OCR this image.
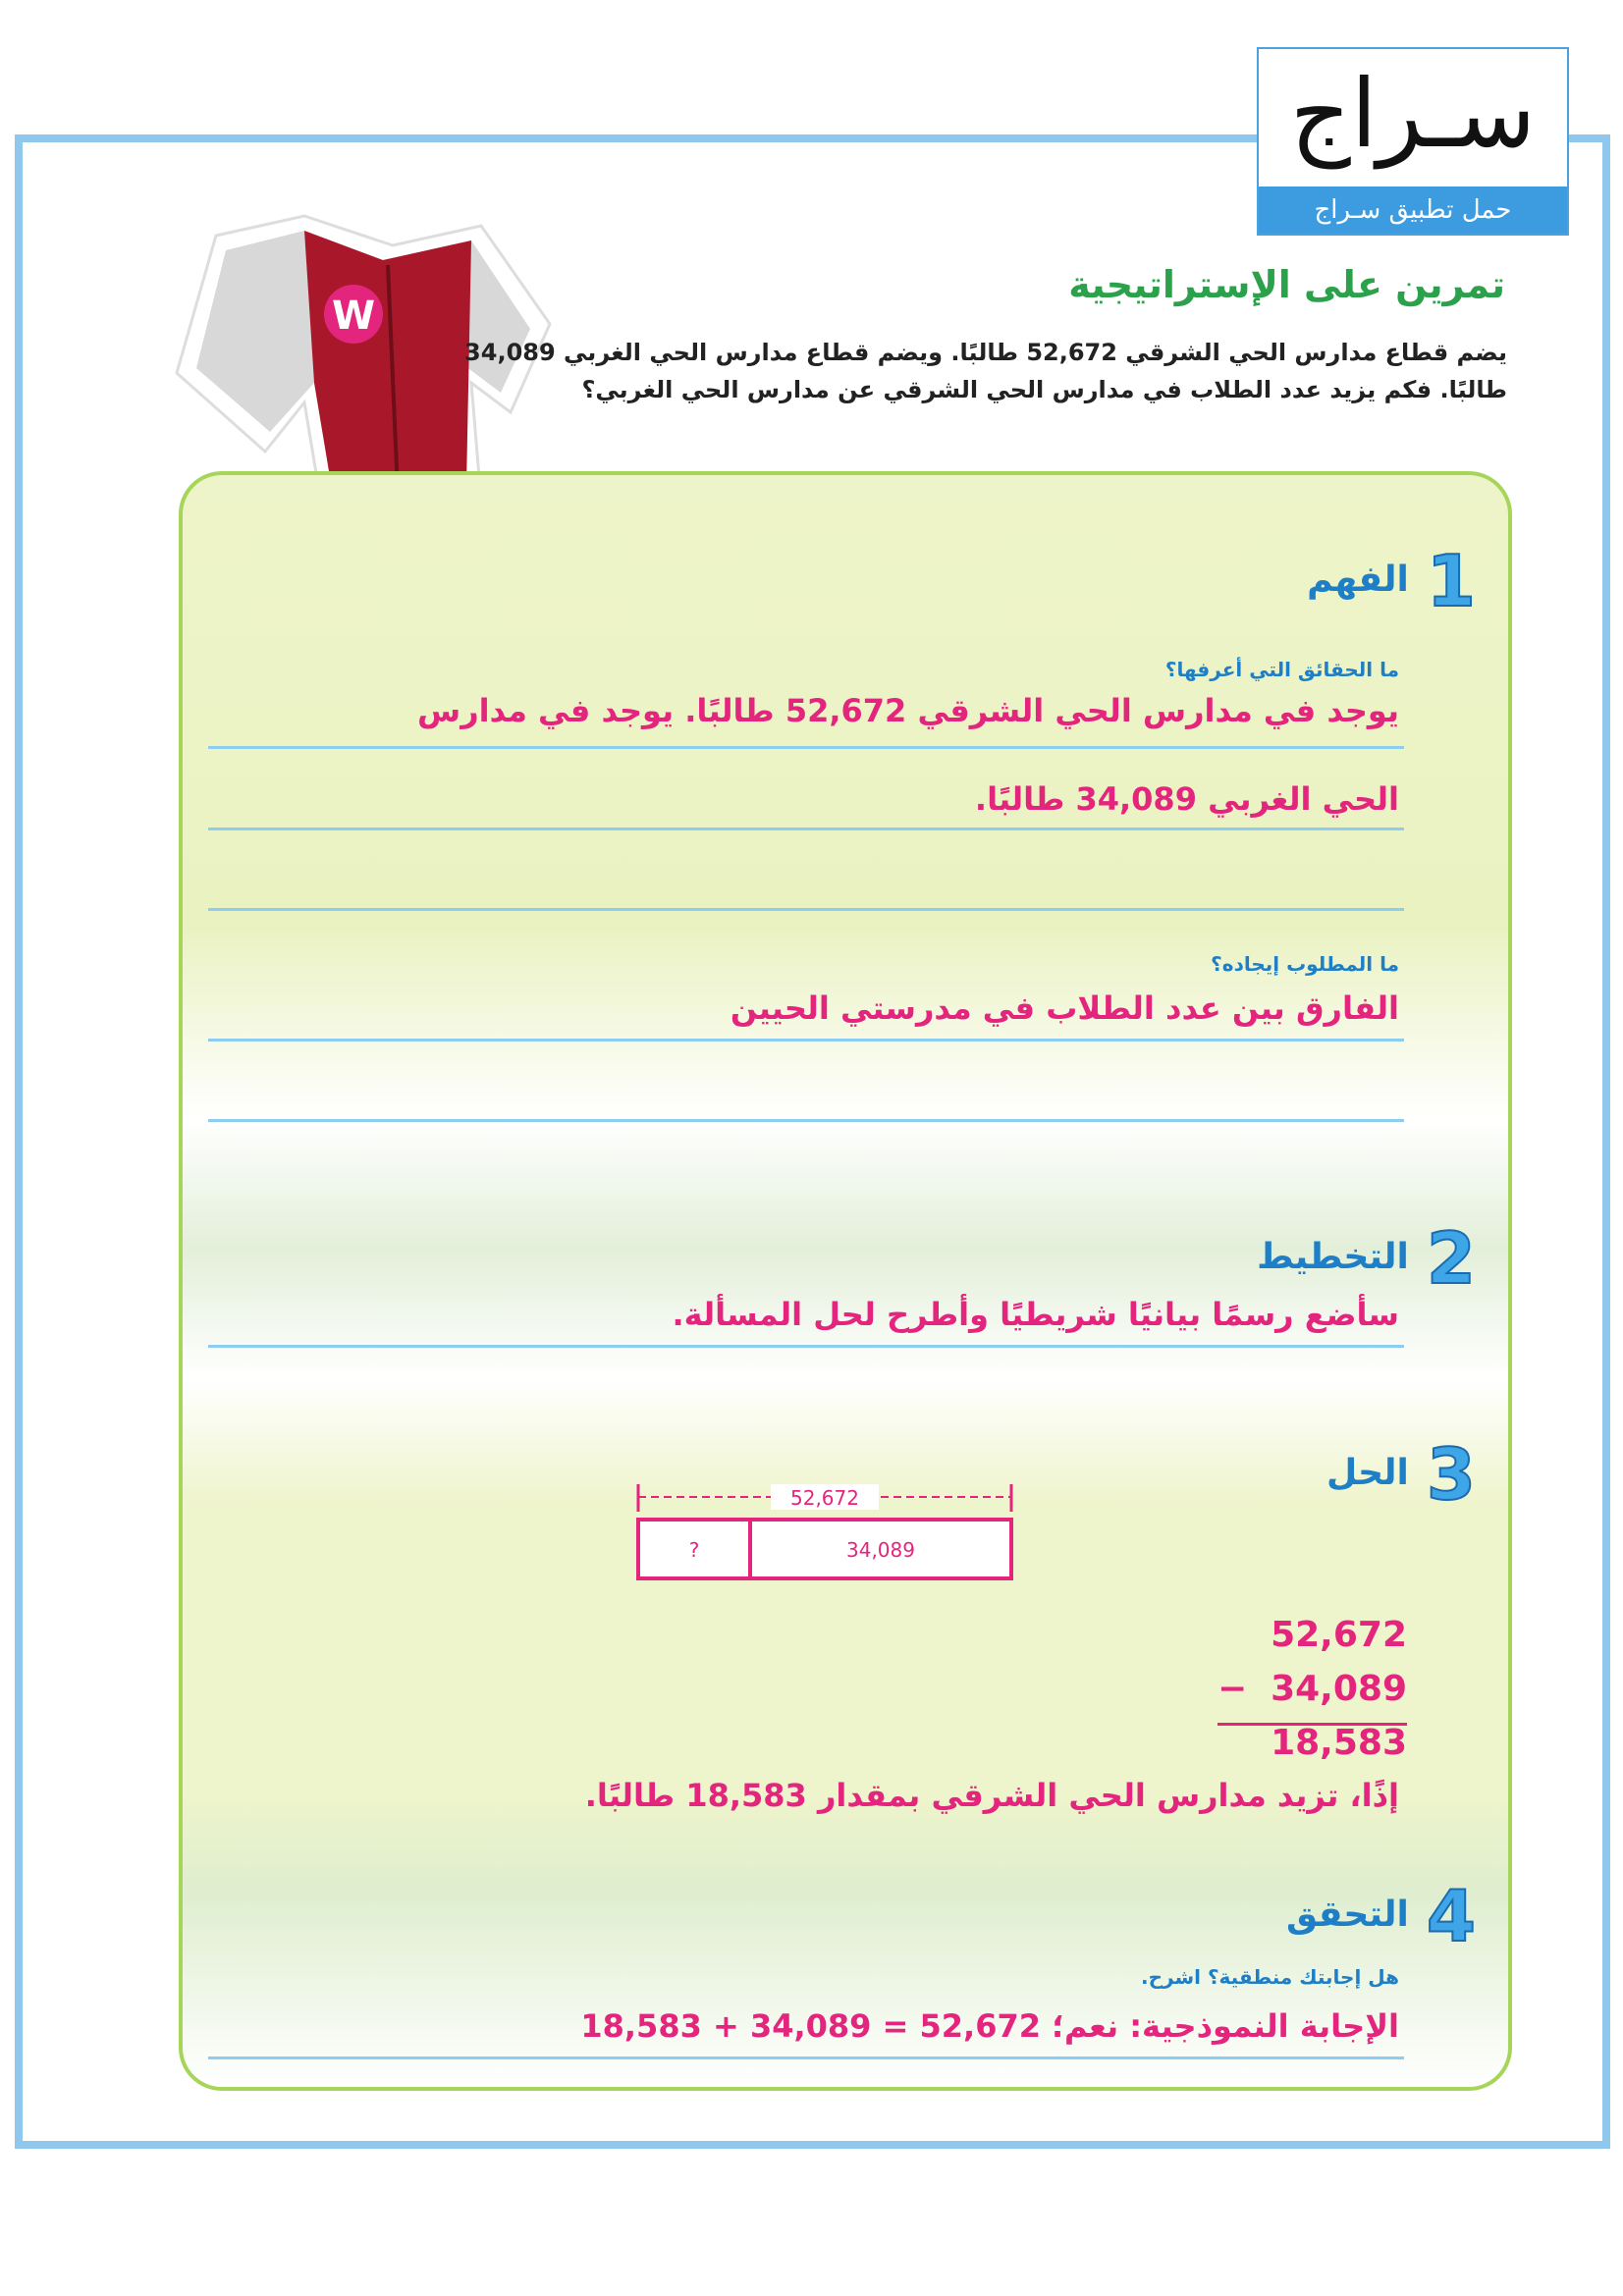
سـراج
حمل تطبيق سـراج
W
تمرين على الإستراتيجية
يضم قطاع مدارس الحي الشرقي 52,672 طالبًا. ويضم قطاع مدارس الحي الغربي 34,089
طالبًا. فكم يزيد عدد الطلاب في مدارس الحي الشرقي عن مدارس الحي الغربي؟
1الفهم
ما الحقائق التي أعرفها؟
يوجد في مدارس الحي الشرقي 52,672 طالبًا. يوجد في مدارس
الحي الغربي 34,089 طالبًا.
ما المطلوب إيجاده؟
الفارق بين عدد الطلاب في مدرستي الحيين
2التخطيط
سأضع رسمًا بيانيًا شريطيًا وأطرح لحل المسألة.
3الحل
52,672
?	34,089
52,672
− 34,089
18,583
إذًا، تزيد مدارس الحي الشرقي بمقدار 18,583 طالبًا.
4التحقق
هل إجابتك منطقية؟ اشرح.
الإجابة النموذجية: نعم؛ 52,672 = 34,089 + 18,583
